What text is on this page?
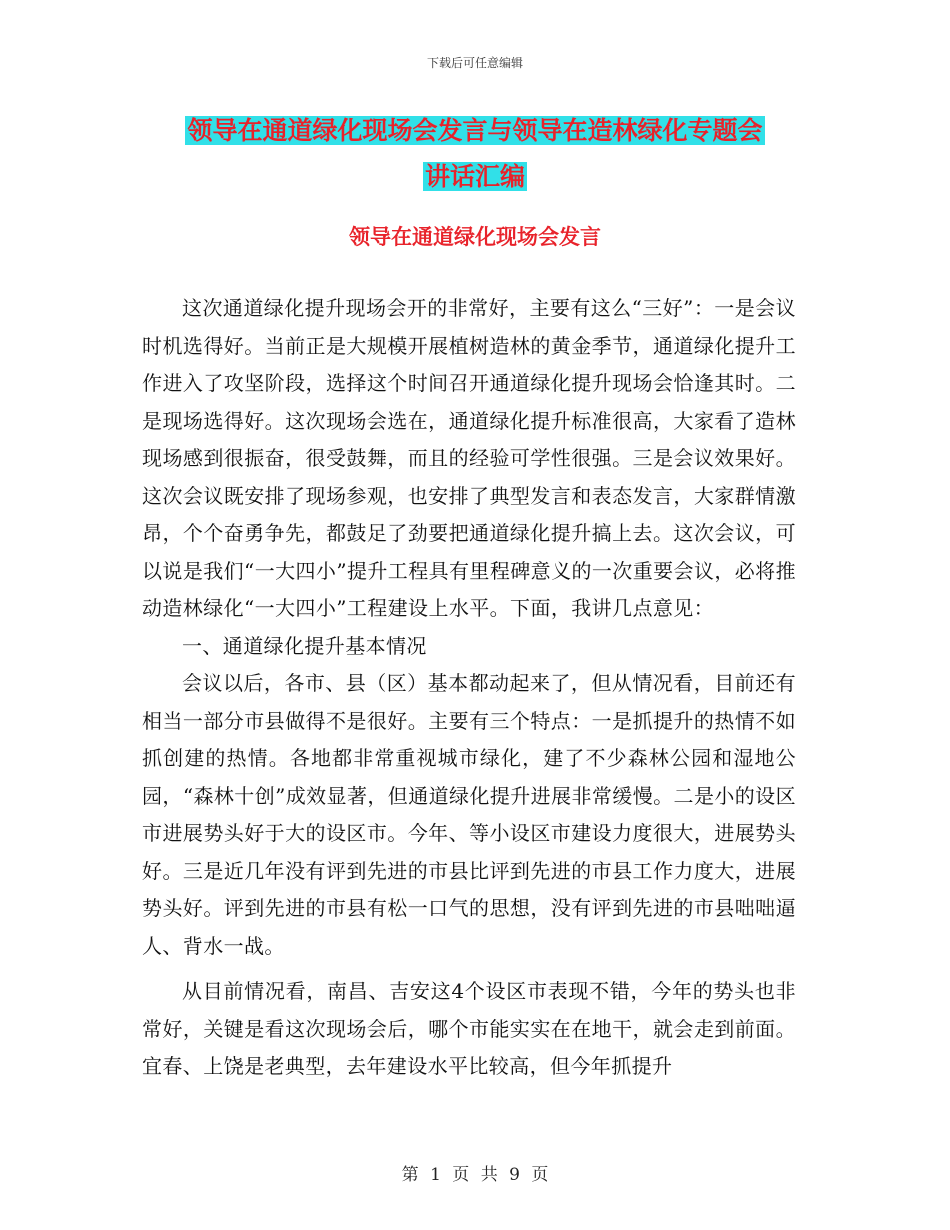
下载后可任意编辑
领导在通道绿化现场会发言与领导在造林绿化专题会
讲话汇编
领导在通道绿化现场会发言

这次通道绿化提升现场会开的非常好，主要有这么“三好”：一是会议时机选得好。当前正是大规模开展植树造林的黄金季节，通道绿化提升工作进入了攻坚阶段，选择这个时间召开通道绿化提升现场会恰逢其时。二是现场选得好。这次现场会选在，通道绿化提升标准很高，大家看了造林现场感到很振奋，很受鼓舞，而且的经验可学性很强。三是会议效果好。这次会议既安排了现场参观，也安排了典型发言和表态发言，大家群情激昂，个个奋勇争先，都鼓足了劲要把通道绿化提升搞上去。这次会议，可以说是我们“一大四小”提升工程具有里程碑意义的一次重要会议，必将推动造林绿化“一大四小”工程建设上水平。下面，我讲几点意见：

一、通道绿化提升基本情况

会议以后，各市、县（区）基本都动起来了，但从情况看，目前还有相当一部分市县做得不是很好。主要有三个特点：一是抓提升的热情不如抓创建的热情。各地都非常重视城市绿化，建了不少森林公园和湿地公园，“森林十创”成效显著，但通道绿化提升进展非常缓慢。二是小的设区市进展势头好于大的设区市。今年、等小设区市建设力度很大，进展势头好。三是近几年没有评到先进的市县比评到先进的市县工作力度大，进展势头好。评到先进的市县有松一口气的思想，没有评到先进的市县咄咄逼人、背水一战。

从目前情况看，南昌、吉安这4个设区市表现不错，今年的势头也非常好，关键是看这次现场会后，哪个市能实实在在地干，就会走到前面。宜春、上饶是老典型，去年建设水平比较高，但今年抓提升

第 1 页 共 9 页
